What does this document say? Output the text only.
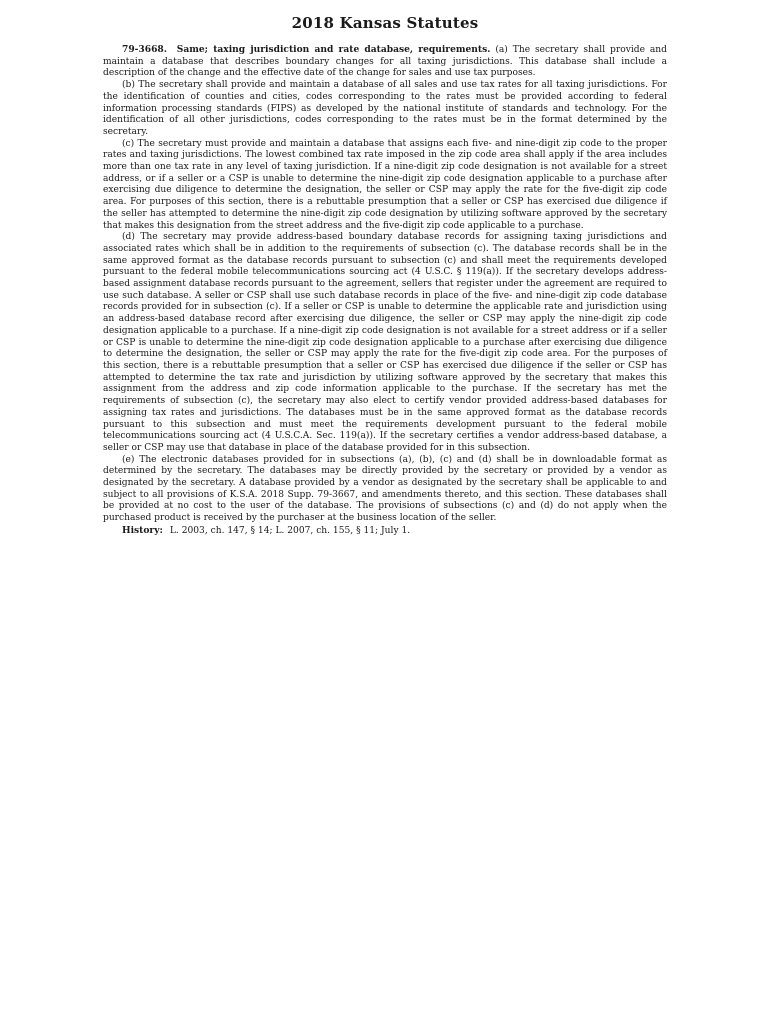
2018 Kansas Statutes

79-3668. Same; taxing jurisdiction and rate database, requirements. (a) The secretary shall provide and maintain a database that describes boundary changes for all taxing jurisdictions. This database shall include a description of the change and the effective date of the change for sales and use tax purposes.

(b) The secretary shall provide and maintain a database of all sales and use tax rates for all taxing jurisdictions. For the identification of counties and cities, codes corresponding to the rates must be provided according to federal information processing standards (FIPS) as developed by the national institute of standards and technology. For the identification of all other jurisdictions, codes corresponding to the rates must be in the format determined by the secretary.

(c) The secretary must provide and maintain a database that assigns each five- and nine-digit zip code to the proper rates and taxing jurisdictions. The lowest combined tax rate imposed in the zip code area shall apply if the area includes more than one tax rate in any level of taxing jurisdiction. If a nine-digit zip code designation is not available for a street address, or if a seller or a CSP is unable to determine the nine-digit zip code designation applicable to a purchase after exercising due diligence to determine the designation, the seller or CSP may apply the rate for the five-digit zip code area. For purposes of this section, there is a rebuttable presumption that a seller or CSP has exercised due diligence if the seller has attempted to determine the nine-digit zip code designation by utilizing software approved by the secretary that makes this designation from the street address and the five-digit zip code applicable to a purchase.

(d) The secretary may provide address-based boundary database records for assigning taxing jurisdictions and associated rates which shall be in addition to the requirements of subsection (c). The database records shall be in the same approved format as the database records pursuant to subsection (c) and shall meet the requirements developed pursuant to the federal mobile telecommunications sourcing act (4 U.S.C. § 119(a)). If the secretary develops address-based assignment database records pursuant to the agreement, sellers that register under the agreement are required to use such database. A seller or CSP shall use such database records in place of the five- and nine-digit zip code database records provided for in subsection (c). If a seller or CSP is unable to determine the applicable rate and jurisdiction using an address-based database record after exercising due diligence, the seller or CSP may apply the nine-digit zip code designation applicable to a purchase. If a nine-digit zip code designation is not available for a street address or if a seller or CSP is unable to determine the nine-digit zip code designation applicable to a purchase after exercising due diligence to determine the designation, the seller or CSP may apply the rate for the five-digit zip code area. For the purposes of this section, there is a rebuttable presumption that a seller or CSP has exercised due diligence if the seller or CSP has attempted to determine the tax rate and jurisdiction by utilizing software approved by the secretary that makes this assignment from the address and zip code information applicable to the purchase. If the secretary has met the requirements of subsection (c), the secretary may also elect to certify vendor provided address-based databases for assigning tax rates and jurisdictions. The databases must be in the same approved format as the database records pursuant to this subsection and must meet the requirements development pursuant to the federal mobile telecommunications sourcing act (4 U.S.C.A. Sec. 119(a)). If the secretary certifies a vendor address-based database, a seller or CSP may use that database in place of the database provided for in this subsection.

(e) The electronic databases provided for in subsections (a), (b), (c) and (d) shall be in downloadable format as determined by the secretary. The databases may be directly provided by the secretary or provided by a vendor as designated by the secretary. A database provided by a vendor as designated by the secretary shall be applicable to and subject to all provisions of K.S.A. 2018 Supp. 79-3667, and amendments thereto, and this section. These databases shall be provided at no cost to the user of the database. The provisions of subsections (c) and (d) do not apply when the purchased product is received by the purchaser at the business location of the seller.

History: L. 2003, ch. 147, § 14; L. 2007, ch. 155, § 11; July 1.
